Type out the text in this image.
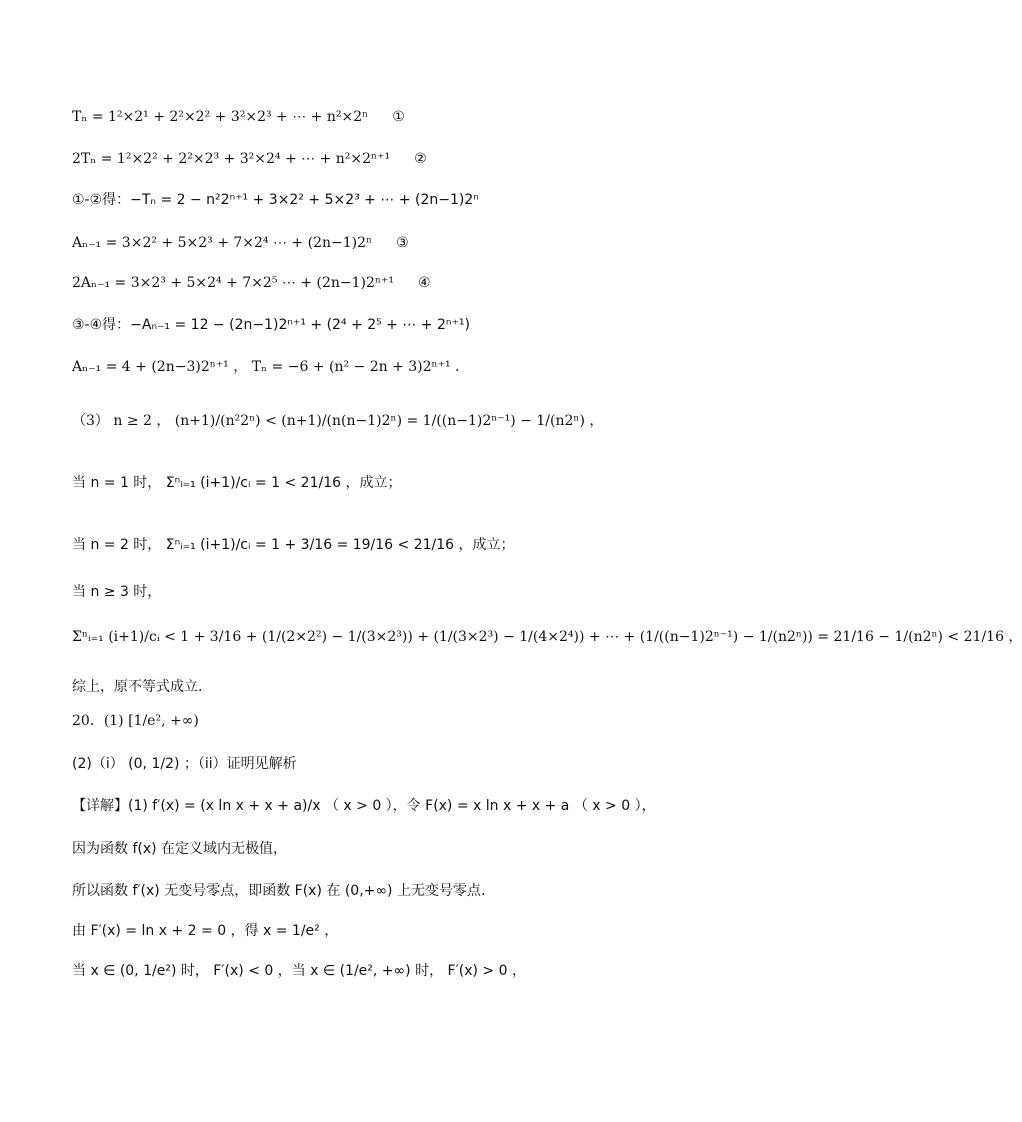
Tₙ = 1²×2¹ + 2²×2² + 3²×2³ + ⋯ + n²×2ⁿ ①
2Tₙ = 1²×2² + 2²×2³ + 3²×2⁴ + ⋯ + n²×2ⁿ⁺¹ ②
①-②得：−Tₙ = 2 − n²2ⁿ⁺¹ + 3×2² + 5×2³ + ⋯ + (2n−1)2ⁿ
Aₙ₋₁ = 3×2² + 5×2³ + 7×2⁴ ⋯ + (2n−1)2ⁿ ③
2Aₙ₋₁ = 3×2³ + 5×2⁴ + 7×2⁵ ⋯ + (2n−1)2ⁿ⁺¹ ④
③-④得：−Aₙ₋₁ = 12 − (2n−1)2ⁿ⁺¹ + (2⁴ + 2⁵ + ⋯ + 2ⁿ⁺¹)
Aₙ₋₁ = 4 + (2n−3)2ⁿ⁺¹ ， Tₙ = −6 + (n² − 2n + 3)2ⁿ⁺¹ .
（3） n ≥ 2 ， (n+1)/(n²2ⁿ) < (n+1)/(n(n−1)2ⁿ) = 1/((n−1)2ⁿ⁻¹) − 1/(n2ⁿ) ，
当 n = 1 时， Σⁿᵢ₌₁ (i+1)/cᵢ = 1 < 21/16 ，成立；
当 n = 2 时， Σⁿᵢ₌₁ (i+1)/cᵢ = 1 + 3/16 = 19/16 < 21/16 ，成立；
当 n ≥ 3 时，
Σⁿᵢ₌₁ (i+1)/cᵢ < 1 + 3/16 + (1/(2×2²) − 1/(3×2³)) + (1/(3×2³) − 1/(4×2⁴)) + ⋯ + (1/((n−1)2ⁿ⁻¹) − 1/(n2ⁿ)) = 21/16 − 1/(n2ⁿ) < 21/16 ，
综上，原不等式成立.
20．(1) [1/e², +∞)
(2)（i） (0, 1/2) ；（ii）证明见解析
【详解】(1) f′(x) = (x ln x + x + a)/x （ x > 0 ），令 F(x) = x ln x + x + a （ x > 0 ），
因为函数 f(x) 在定义域内无极值，
所以函数 f′(x) 无变号零点，即函数 F(x) 在 (0,+∞) 上无变号零点.
由 F′(x) = ln x + 2 = 0 ，得 x = 1/e² ，
当 x ∈ (0, 1/e²) 时， F′(x) < 0 ，当 x ∈ (1/e², +∞) 时， F′(x) > 0 ，
